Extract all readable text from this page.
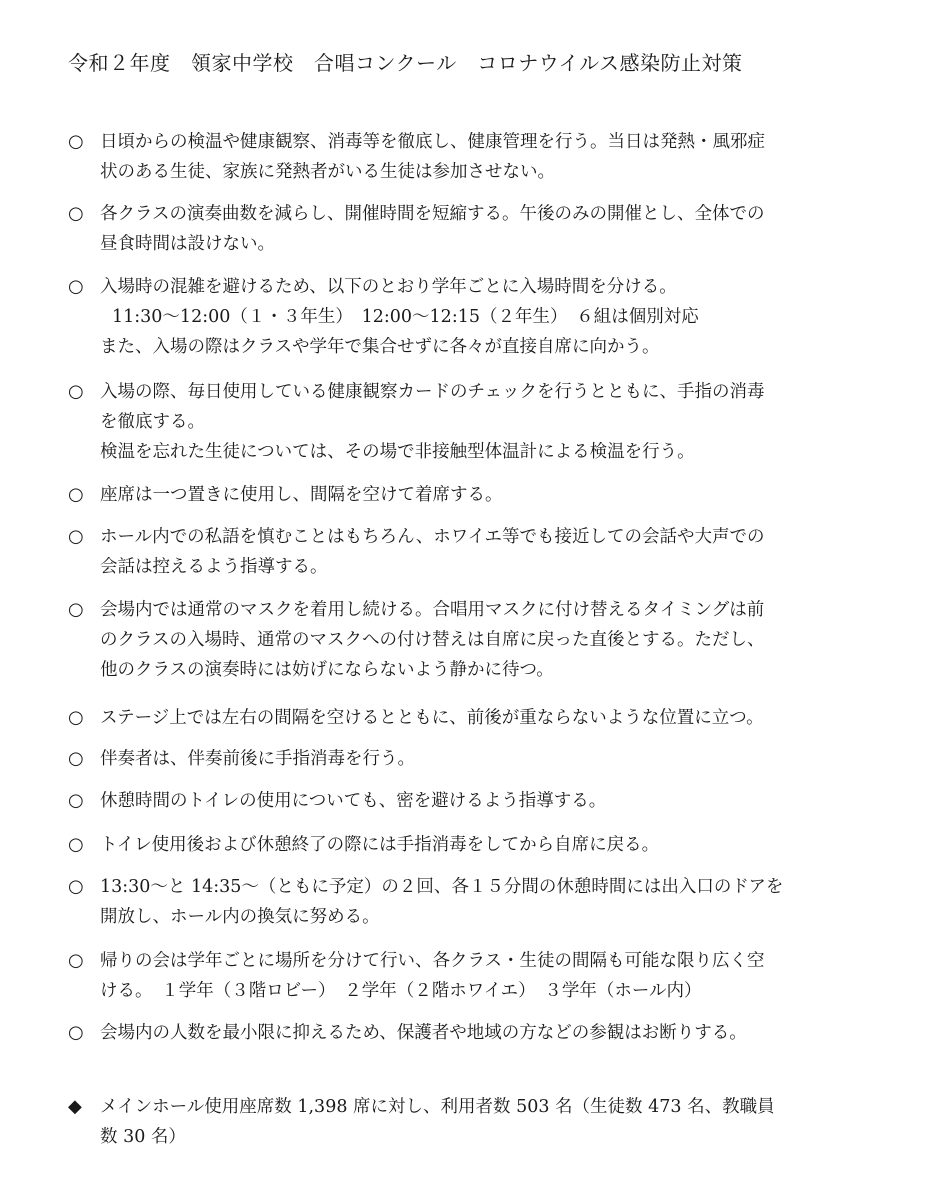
令和２年度　領家中学校　合唱コンクール　コロナウイルス感染防止対策
○ 日頃からの検温や健康観察、消毒等を徹底し、健康管理を行う。当日は発熱・風邪症
状のある生徒、家族に発熱者がいる生徒は参加させない。
○ 各クラスの演奏曲数を減らし、開催時間を短縮する。午後のみの開催とし、全体での
昼食時間は設けない。
○ 入場時の混雑を避けるため、以下のとおり学年ごとに入場時間を分ける。
11:30～12:00（１・３年生）　12:00～12:15（２年生）　６組は個別対応
また、入場の際はクラスや学年で集合せずに各々が直接自席に向かう。
○ 入場の際、毎日使用している健康観察カードのチェックを行うとともに、手指の消毒
を徹底する。
検温を忘れた生徒については、その場で非接触型体温計による検温を行う。
○ 座席は一つ置きに使用し、間隔を空けて着席する。
○ ホール内での私語を慎むことはもちろん、ホワイエ等でも接近しての会話や大声での
会話は控えるよう指導する。
○ 会場内では通常のマスクを着用し続ける。合唱用マスクに付け替えるタイミングは前
のクラスの入場時、通常のマスクへの付け替えは自席に戻った直後とする。ただし、
他のクラスの演奏時には妨げにならないよう静かに待つ。
○ ステージ上では左右の間隔を空けるとともに、前後が重ならないような位置に立つ。
○ 伴奏者は、伴奏前後に手指消毒を行う。
○ 休憩時間のトイレの使用についても、密を避けるよう指導する。
○ トイレ使用後および休憩終了の際には手指消毒をしてから自席に戻る。
○ 13:30～と 14:35～（ともに予定）の２回、各１５分間の休憩時間には出入口のドアを
開放し、ホール内の換気に努める。
○ 帰りの会は学年ごとに場所を分けて行い、各クラス・生徒の間隔も可能な限り広く空
ける。　１学年（３階ロビー）　２学年（２階ホワイエ）　３学年（ホール内）
○ 会場内の人数を最小限に抑えるため、保護者や地域の方などの参観はお断りする。
◆	メインホール使用座席数 1,398 席に対し、利用者数 503 名（生徒数 473 名、教職員
数 30 名）
